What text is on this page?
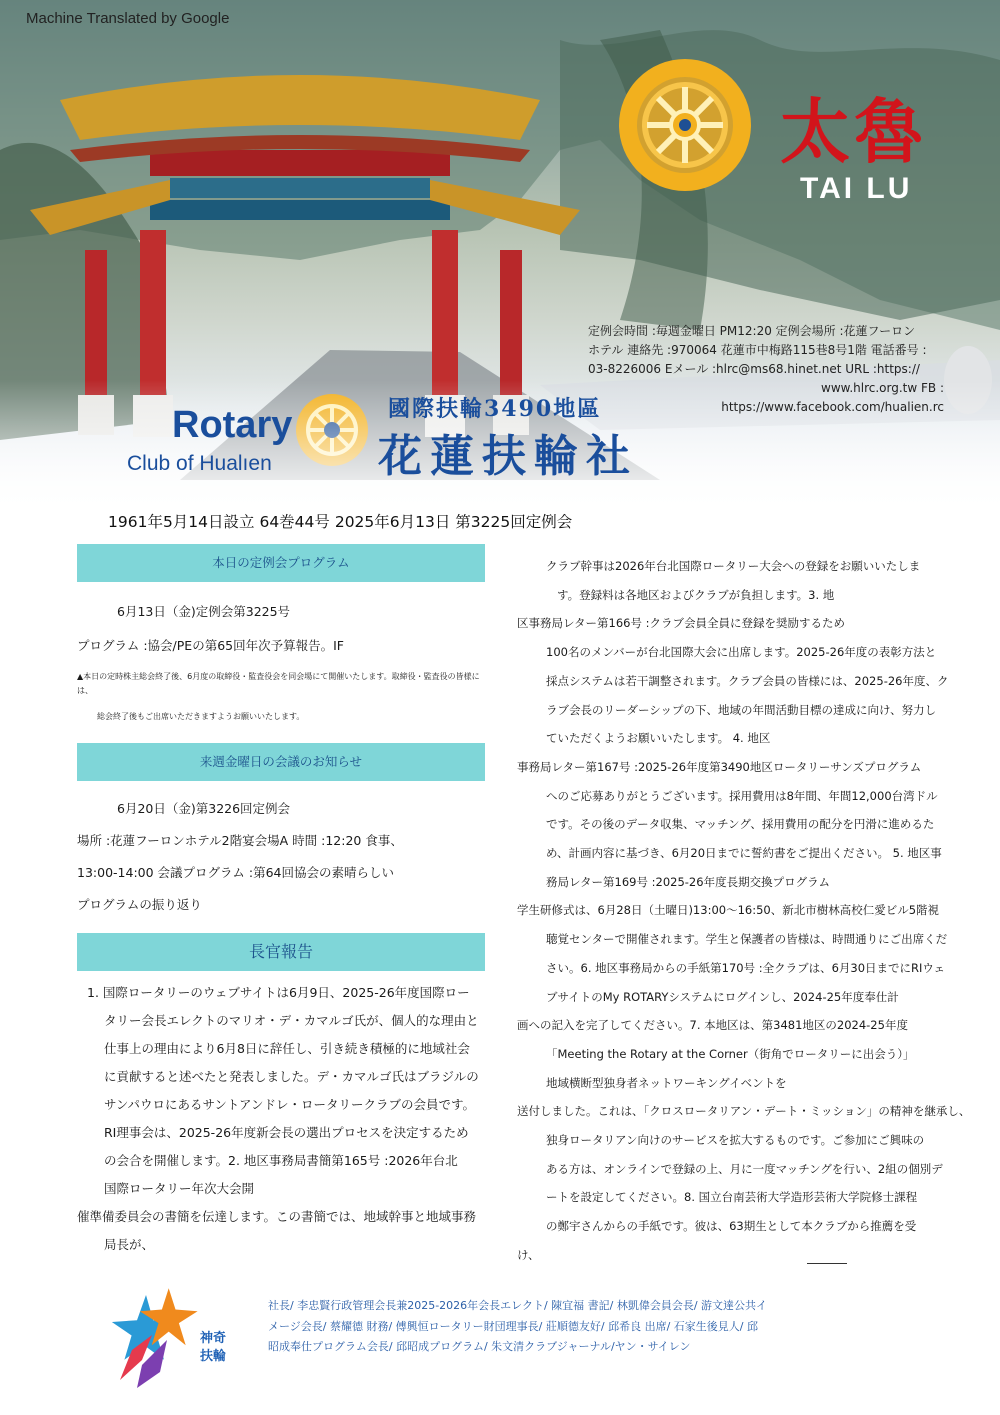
Machine Translated by Google
太魯
TAI LU
定例会時間 :毎週金曜日 PM12:20 定例会場所 :花蓮フーロン
ホテル 連絡先 :970064 花蓮市中梅路115巷8号1階 電話番号 :
03-8226006 Eメール :hlrc@ms68.hinet.net URL :https://
www.hlrc.org.tw FB :
https://www.facebook.com/hualien.rc
Rotary
Club of Hualıen
國際扶輪3490地區
花蓮扶輪社
1961年5月14日設立 64巻44号 2025年6月13日 第3225回定例会
本日の定例会プログラム

6月13日（金)定例会第3225号

プログラム :協会/PEの第65回年次予算報告。IF

▲本日の定時株主総会終了後、6月度の取締役・監査役会を同会場にて開催いたします。取締役・監査役の皆様には、

総会終了後もご出席いただきますようお願いいたします。

来週金曜日の会議のお知らせ

6月20日（金)第3226回定例会

場所 :花蓮フーロンホテル2階宴会場A 時間 :12:20 食事、

13:00-14:00 会議プログラム :第64回協会の素晴らしい

プログラムの振り返り

長官報告
1. 国際ロータリーのウェブサイトは6月9日、2025-26年度国際ロー
タリー会長エレクトのマリオ・デ・カマルゴ氏が、個人的な理由と
仕事上の理由により6月8日に辞任し、引き続き積極的に地域社会
に貢献すると述べたと発表しました。デ・カマルゴ氏はブラジルの
サンパウロにあるサントアンドレ・ロータリークラブの会員です。
RI理事会は、2025-26年度新会長の選出プロセスを決定するため
の会合を開催します。2. 地区事務局書簡第165号 :2026年台北
国際ロータリー年次大会開
催準備委員会の書簡を伝達します。この書簡では、地域幹事と地域事務
局長が、
クラブ幹事は2026年台北国際ロータリー大会への登録をお願いいたしま
す。登録料は各地区およびクラブが負担します。3. 地
区事務局レター第166号 :クラブ会員全員に登録を奨励するため
100名のメンバーが台北国際大会に出席します。2025-26年度の表彰方法と
採点システムは若干調整されます。クラブ会員の皆様には、2025-26年度、ク
ラブ会長のリーダーシップの下、地域の年間活動目標の達成に向け、努力し
ていただくようお願いいたします。 4. 地区
事務局レター第167号 :2025-26年度第3490地区ロータリーサンズプログラム
へのご応募ありがとうございます。採用費用は8年間、年間12,000台湾ドル
です。その後のデータ収集、マッチング、採用費用の配分を円滑に進めるた
め、計画内容に基づき、6月20日までに誓約書をご提出ください。 5. 地区事
務局レター第169号 :2025-26年度長期交換プログラム
学生研修式は、6月28日（土曜日)13:00〜16:50、新北市樹林高校仁愛ビル5階視
聴覚センターで開催されます。学生と保護者の皆様は、時間通りにご出席くだ
さい。6. 地区事務局からの手紙第170号 :全クラブは、6月30日までにRIウェ
ブサイトのMy ROTARYシステムにログインし、2024-25年度奉仕計
画への記入を完了してください。7. 本地区は、第3481地区の2024-25年度
「Meeting the Rotary at the Corner（街角でロータリーに出会う）」
地域横断型独身者ネットワーキングイベントを
送付しました。これは、「クロスロータリアン・デート・ミッション」の精神を継承し、
独身ロータリアン向けのサービスを拡大するものです。ご参加にご興味の
ある方は、オンラインで登録の上、月に一度マッチングを行い、2組の個別デ
ートを設定してください。8. 国立台南芸術大学造形芸術大学院修士課程
の鄭宇さんからの手紙です。彼は、63期生として本クラブから推薦を受
け、
神奇
扶輪
社長/ 李忠賢行政管理会長兼2025-2026年会長エレクト/ 陳宜福 書記/ 林凱偉会員会長/ 游文達公共イ
メージ会長/ 蔡耀德 財務/ 傅興恒ロータリー財団理事長/ 莊順德友好/ 邱希良 出席/ 石家生後見人/ 邱
昭成奉仕プログラム会長/ 邱昭成プログラム/ 朱文清クラブジャーナル/ヤン・サイレン
